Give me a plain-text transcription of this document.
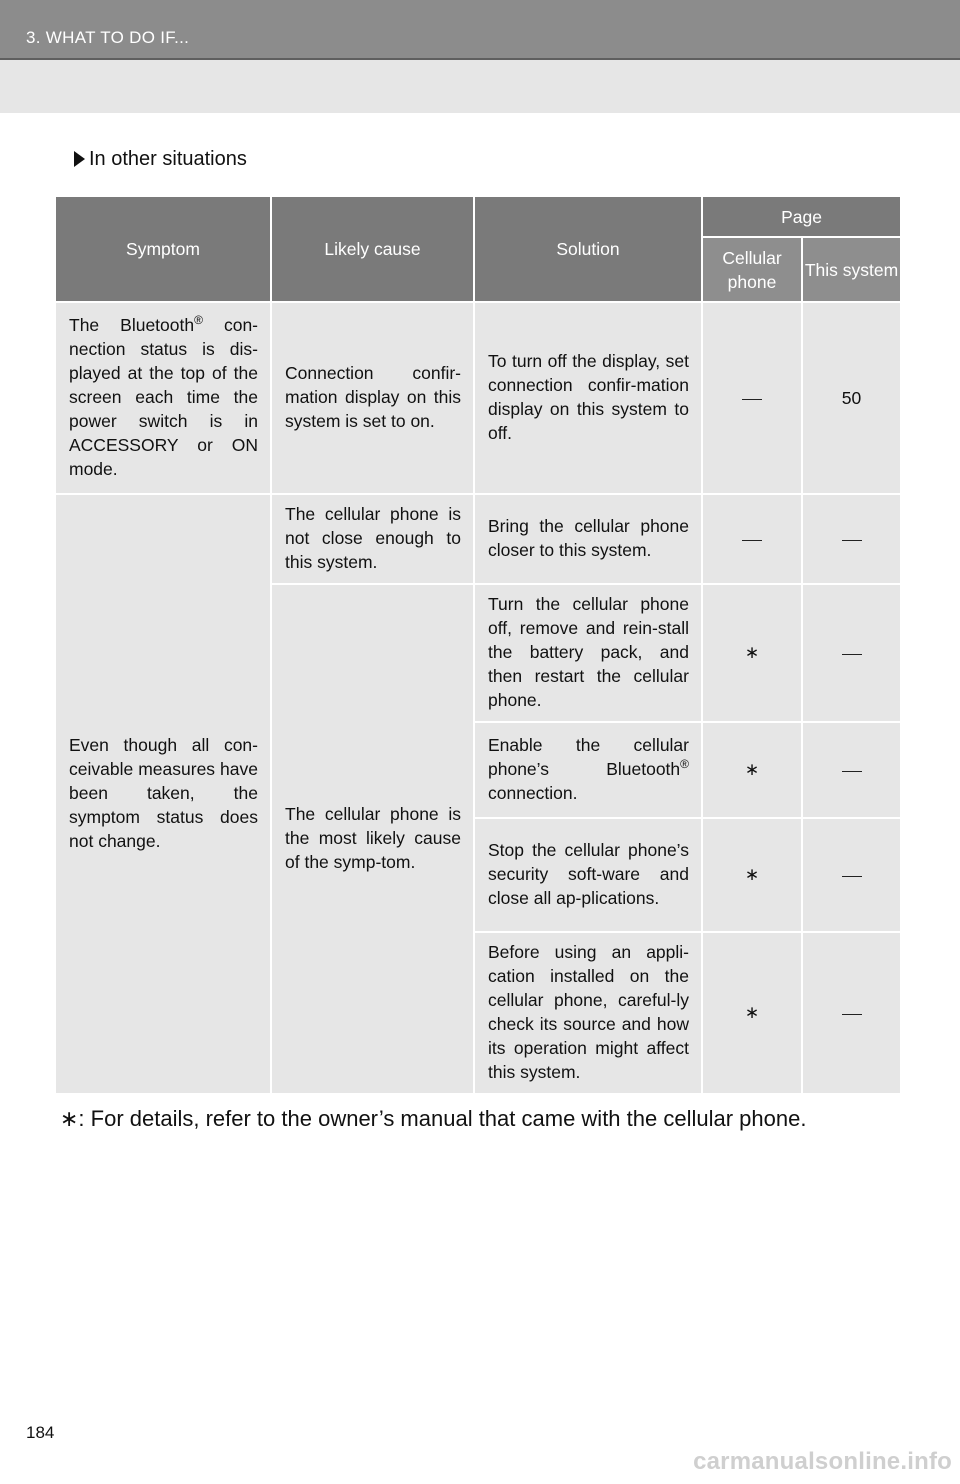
3. WHAT TO DO IF...
In other situations
Symptom	Likely cause	Solution	Page	
			Cellular phone	This system
The Bluetooth® con-nection status is dis-played at the top of the screen each time the power switch is in ACCESSORY or ON mode.	Connection confir-mation display on this system is set to on.	To turn off the display, set connection confir-mation display on this system to off.		50
Even though all con-ceivable measures have been taken, the symptom status does not change.	The cellular phone is not close enough to this system.	Bring the cellular phone closer to this system.		
	The cellular phone is the most likely cause of the symp-tom.	Turn the cellular phone off, remove and rein-stall the battery pack, and then restart the cellular phone.	∗	
		Enable the cellular phone’s Bluetooth® connection.	∗	
		Stop the cellular phone’s security soft-ware and close all ap-plications.	∗	
		Before using an appli-cation installed on the cellular phone, careful-ly check its source and how its operation might affect this system.	∗	
∗: For details, refer to the owner’s manual that came with the cellular phone.
184
carmanualsonline.info
